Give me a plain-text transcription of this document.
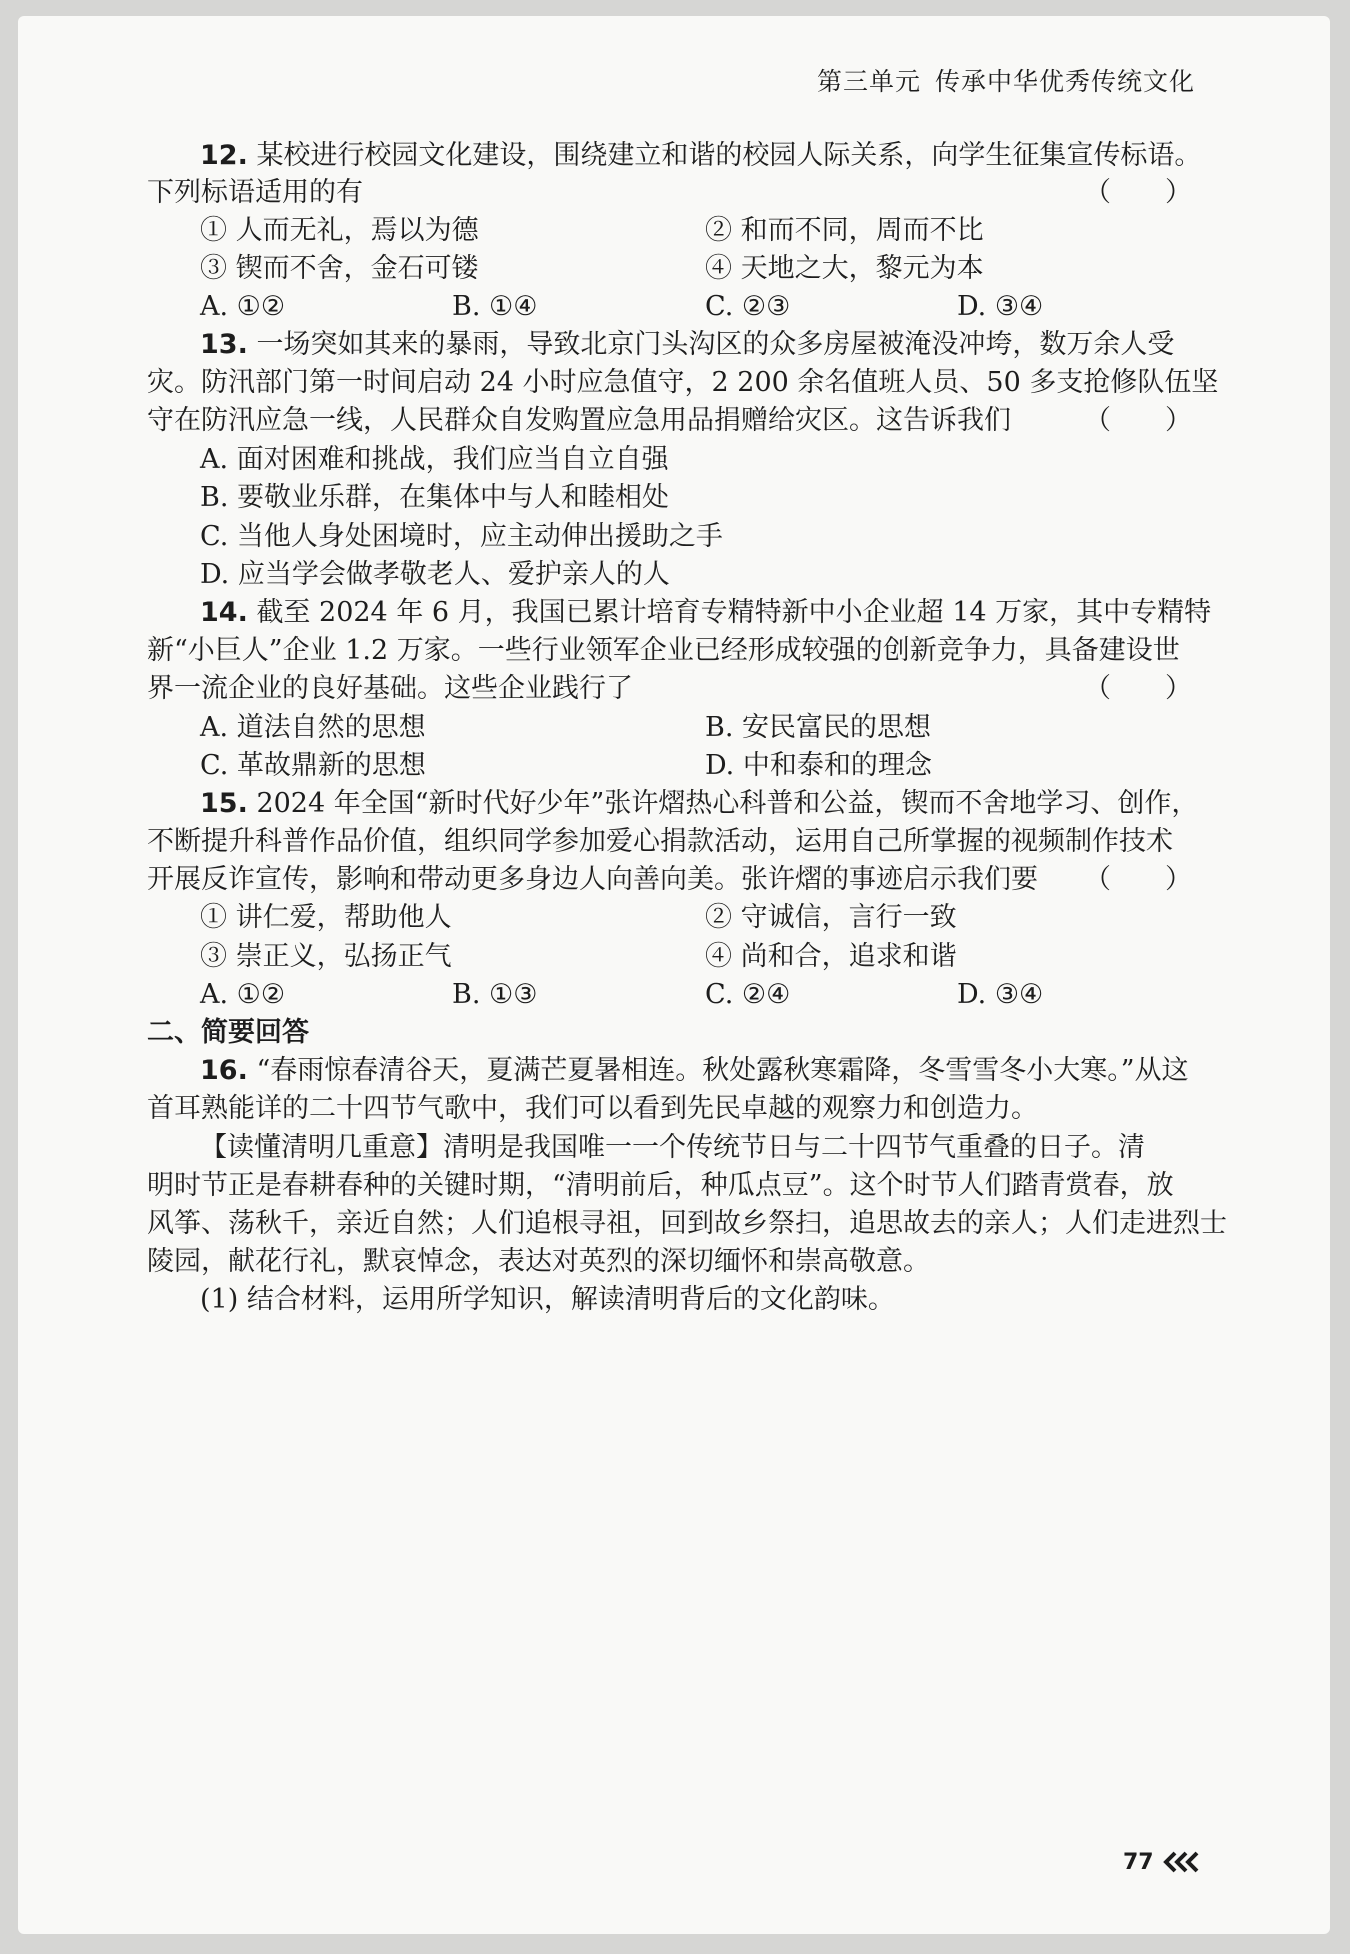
第三单元 传承中华优秀传统文化
12. 某校进行校园文化建设，围绕建立和谐的校园人际关系，向学生征集宣传标语。
下列标语适用的有	（　　）
① 人而无礼，焉以为德	② 和而不同，周而不比
③ 锲而不舍，金石可镂	④ 天地之大，黎元为本
A. ①②	B. ①④	C. ②③	D. ③④
13. 一场突如其来的暴雨，导致北京门头沟区的众多房屋被淹没冲垮，数万余人受
灾。防汛部门第一时间启动 24 小时应急值守，2 200 余名值班人员、50 多支抢修队伍坚
守在防汛应急一线，人民群众自发购置应急用品捐赠给灾区。这告诉我们	（　　）
A. 面对困难和挑战，我们应当自立自强
B. 要敬业乐群，在集体中与人和睦相处
C. 当他人身处困境时，应主动伸出援助之手
D. 应当学会做孝敬老人、爱护亲人的人
14. 截至 2024 年 6 月，我国已累计培育专精特新中小企业超 14 万家，其中专精特
新“小巨人”企业 1.2 万家。一些行业领军企业已经形成较强的创新竞争力，具备建设世
界一流企业的良好基础。这些企业践行了	（　　）
A. 道法自然的思想	B. 安民富民的思想
C. 革故鼎新的思想	D. 中和泰和的理念
15. 2024 年全国“新时代好少年”张许熠热心科普和公益，锲而不舍地学习、创作，
不断提升科普作品价值，组织同学参加爱心捐款活动，运用自己所掌握的视频制作技术
开展反诈宣传，影响和带动更多身边人向善向美。张许熠的事迹启示我们要 （　　）
① 讲仁爱，帮助他人	② 守诚信，言行一致
③ 崇正义，弘扬正气	④ 尚和合，追求和谐
A. ①②	B. ①③	C. ②④	D. ③④
二、简要回答
16. “春雨惊春清谷天，夏满芒夏暑相连。秋处露秋寒霜降，冬雪雪冬小大寒。”从这
首耳熟能详的二十四节气歌中，我们可以看到先民卓越的观察力和创造力。
【读懂清明几重意】清明是我国唯一一个传统节日与二十四节气重叠的日子。清
明时节正是春耕春种的关键时期，“清明前后，种瓜点豆”。这个时节人们踏青赏春，放
风筝、荡秋千，亲近自然；人们追根寻祖，回到故乡祭扫，追思故去的亲人；人们走进烈士
陵园，献花行礼，默哀悼念，表达对英烈的深切缅怀和崇高敬意。
(1) 结合材料，运用所学知识，解读清明背后的文化韵味。
77
